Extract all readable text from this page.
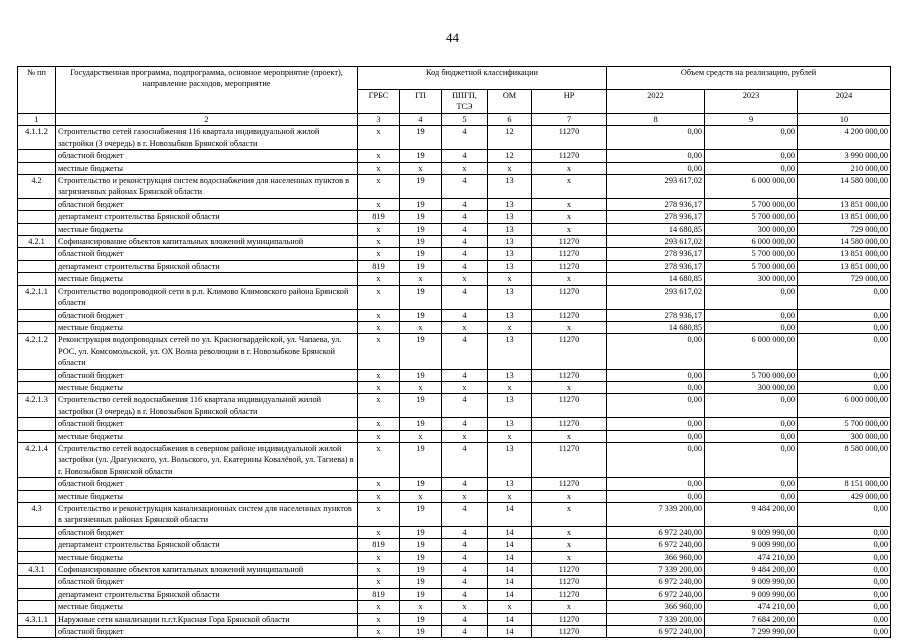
44
№ пп	Государственная программа, подпрограмма, основное мероприятие (проект), направление расходов, мероприятие	Код бюджетной классификации					Объем средств на реализацию, рублей		
		ГРБС	ГП	ППГП, ТСЭ	ОМ	НР	2022	2023	2024
1	2	3	4	5	6	7	8	9	10
4.1.1.2	Строительство сетей газоснабжения 116 квартала индивидуальной жилой застройки (3 очередь) в г. Новозыбков Брянской области	x	19	4	12	11270	0,00	0,00	4 200 000,00
	областной бюджет	x	19	4	12	11270	0,00	0,00	3 990 000,00
	местные бюджеты	x	x	x	x	x	0,00	0,00	210 000,00
4.2	Строительство и реконструкция систем водоснабжения для населенных пунктов в загрязненных районах Брянской области	x	19	4	13	x	293 617,02	6 000 000,00	14 580 000,00
	областной бюджет	x	19	4	13	x	278 936,17	5 700 000,00	13 851 000,00
	департамент строительства Брянской области	819	19	4	13	x	278 936,17	5 700 000,00	13 851 000,00
	местные бюджеты	x	19	4	13	x	14 680,85	300 000,00	729 000,00
4.2.1	Софинансирование объектов капитальных вложений муниципальной	x	19	4	13	11270	293 617,02	6 000 000,00	14 580 000,00
	областной бюджет	x	19	4	13	11270	278 936,17	5 700 000,00	13 851 000,00
	департамент строительства Брянской области	819	19	4	13	11270	278 936,17	5 700 000,00	13 851 000,00
	местные бюджеты	x	x	x	x	x	14 680,85	300 000,00	729 000,00
4.2.1.1	Строительство водопроводной сети в р.п. Климово Климовского района Брянской области	x	19	4	13	11270	293 617,02	0,00	0,00
	областной бюджет	x	19	4	13	11270	278 936,17	0,00	0,00
	местные бюджеты	x	x	x	x	x	14 680,85	0,00	0,00
4.2.1.2	Реконструкция водопроводных сетей по ул. Красногвардейской, ул. Чапаева, ул. РОС, ул. Комсомольской, ул. ОХ Волна революции в г. Новозыбкове Брянской области	x	19	4	13	11270	0,00	6 000 000,00	0,00
	областной бюджет	x	19	4	13	11270	0,00	5 700 000,00	0,00
	местные бюджеты	x	x	x	x	x	0,00	300 000,00	0,00
4.2.1.3	Строительство сетей водоснабжения 116 квартала индивидуальной жилой застройки (3 очередь) в г. Новозыбков Брянской области	x	19	4	13	11270	0,00	0,00	6 000 000,00
	областной бюджет	x	19	4	13	11270	0,00	0,00	5 700 000,00
	местные бюджеты	x	x	x	x	x	0,00	0,00	300 000,00
4.2.1.4	Строительство сетей водоснабжения в северном районе индивидуальной жилой застройки (ул. Драгунского, ул. Вольского, ул. Екатерины Ковалёвой, ул. Тагиева) в г. Новозыбков Брянской области	x	19	4	13	11270	0,00	0,00	8 580 000,00
	областной бюджет	x	19	4	13	11270	0,00	0,00	8 151 000,00
	местные бюджеты	x	x	x	x	x	0,00	0,00	429 000,00
4.3	Строительство и реконструкция канализационных систем для населенных пунктов в загрязненных районах Брянской области	x	19	4	14	x	7 339 200,00	9 484 200,00	0,00
	областной бюджет	x	19	4	14	x	6 972 240,00	9 009 990,00	0,00
	департамент строительства Брянской области	819	19	4	14	x	6 972 240,00	9 009 990,00	0,00
	местные бюджеты	x	19	4	14	x	366 960,00	474 210,00	0,00
4.3.1	Софинансирование объектов капитальных вложений муниципальной	x	19	4	14	11270	7 339 200,00	9 484 200,00	0,00
	областной бюджет	x	19	4	14	11270	6 972 240,00	9 009 990,00	0,00
	департамент строительства Брянской области	819	19	4	14	11270	6 972 240,00	9 009 990,00	0,00
	местные бюджеты	x	x	x	x	x	366 960,00	474 210,00	0,00
4.3.1.1	Наружные сети канализации п.г.т.Красная Гора Брянской области	x	19	4	14	11270	7 339 200,00	7 684 200,00	0,00
	областной бюджет	x	19	4	14	11270	6 972 240,00	7 299 990,00	0,00
